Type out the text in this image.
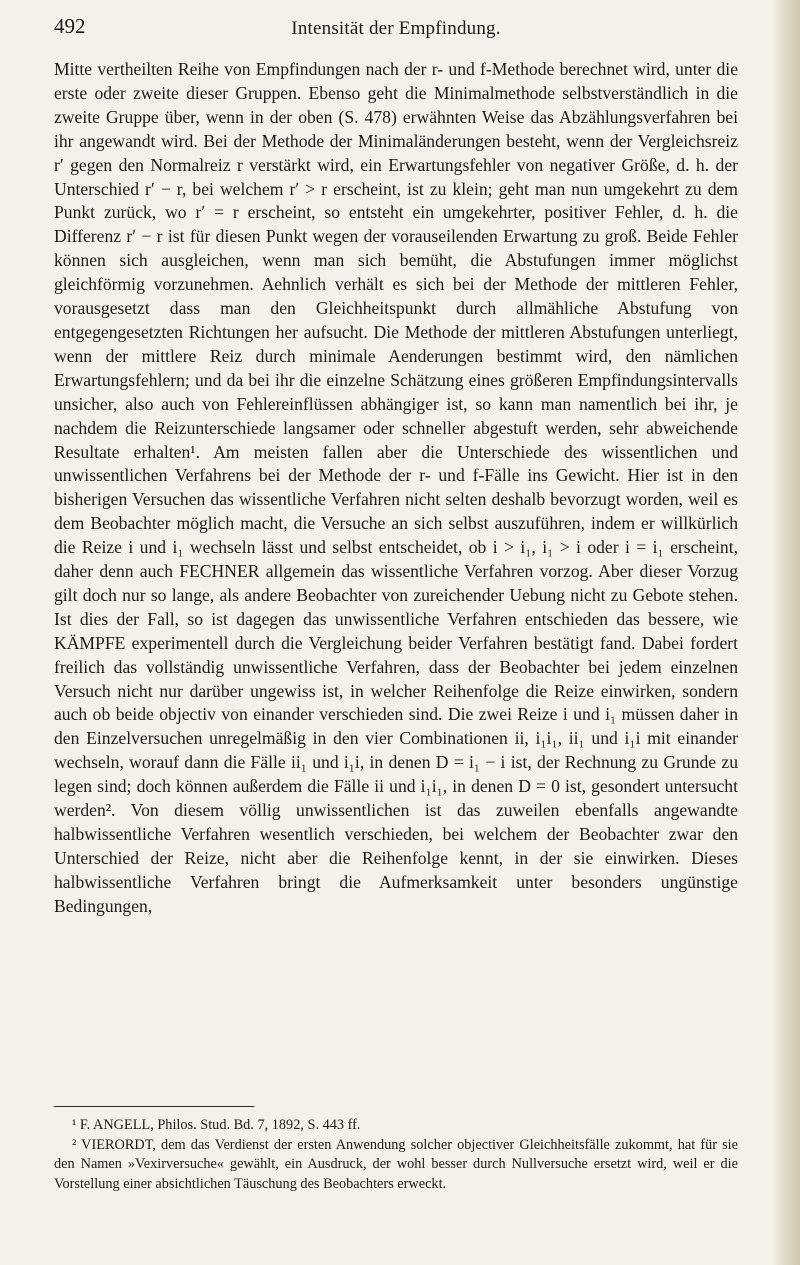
492	Intensität der Empfindung.

Mitte vertheilten Reihe von Empfindungen nach der r- und f-Methode berechnet wird, unter die erste oder zweite dieser Gruppen. Ebenso geht die Minimalmethode selbstverständlich in die zweite Gruppe über, wenn in der oben (S. 478) erwähnten Weise das Abzählungsverfahren bei ihr angewandt wird. Bei der Methode der Minimaländerungen besteht, wenn der Vergleichsreiz r′ gegen den Normalreiz r verstärkt wird, ein Erwartungsfehler von negativer Größe, d. h. der Unterschied r′ − r, bei welchem r′ > r erscheint, ist zu klein; geht man nun umgekehrt zu dem Punkt zurück, wo r′ = r erscheint, so entsteht ein umgekehrter, positiver Fehler, d. h. die Differenz r′ − r ist für diesen Punkt wegen der vorauseilenden Erwartung zu groß. Beide Fehler können sich ausgleichen, wenn man sich bemüht, die Abstufungen immer möglichst gleichförmig vorzunehmen. Aehnlich verhält es sich bei der Methode der mittleren Fehler, vorausgesetzt dass man den Gleichheitspunkt durch allmähliche Abstufung von entgegengesetzten Richtungen her aufsucht. Die Methode der mittleren Abstufungen unterliegt, wenn der mittlere Reiz durch minimale Aenderungen bestimmt wird, den nämlichen Erwartungsfehlern; und da bei ihr die einzelne Schätzung eines größeren Empfindungsintervalls unsicher, also auch von Fehlereinflüssen abhängiger ist, so kann man namentlich bei ihr, je nachdem die Reizunterschiede langsamer oder schneller abgestuft werden, sehr abweichende Resultate erhalten¹. Am meisten fallen aber die Unterschiede des wissentlichen und unwissentlichen Verfahrens bei der Methode der r- und f-Fälle ins Gewicht. Hier ist in den bisherigen Versuchen das wissentliche Verfahren nicht selten deshalb bevorzugt worden, weil es dem Beobachter möglich macht, die Versuche an sich selbst auszuführen, indem er willkürlich die Reize i und i₁ wechseln lässt und selbst entscheidet, ob i > i₁, i₁ > i oder i = i₁ erscheint, daher denn auch FECHNER allgemein das wissentliche Verfahren vorzog. Aber dieser Vorzug gilt doch nur so lange, als andere Beobachter von zureichender Uebung nicht zu Gebote stehen. Ist dies der Fall, so ist dagegen das unwissentliche Verfahren entschieden das bessere, wie KÄMPFE experimentell durch die Vergleichung beider Verfahren bestätigt fand. Dabei fordert freilich das vollständig unwissentliche Verfahren, dass der Beobachter bei jedem einzelnen Versuch nicht nur darüber ungewiss ist, in welcher Reihenfolge die Reize einwirken, sondern auch ob beide objectiv von einander verschieden sind. Die zwei Reize i und i₁ müssen daher in den Einzelversuchen unregelmäßig in den vier Combinationen ii, i₁i₁, ii₁ und i₁i mit einander wechseln, worauf dann die Fälle ii₁ und i₁i, in denen D = i₁ − i ist, der Rechnung zu Grunde zu legen sind; doch können außerdem die Fälle ii und i₁i₁, in denen D = 0 ist, gesondert untersucht werden². Von diesem völlig unwissentlichen ist das zuweilen ebenfalls angewandte halbwissentliche Verfahren wesentlich verschieden, bei welchem der Beobachter zwar den Unterschied der Reize, nicht aber die Reihenfolge kennt, in der sie einwirken. Dieses halbwissentliche Verfahren bringt die Aufmerksamkeit unter besonders ungünstige Bedingungen,

¹ F. ANGELL, Philos. Stud. Bd. 7, 1892, S. 443 ff.

² VIERORDT, dem das Verdienst der ersten Anwendung solcher objectiver Gleichheitsfälle zukommt, hat für sie den Namen »Vexirversuche« gewählt, ein Ausdruck, der wohl besser durch Nullversuche ersetzt wird, weil er die Vorstellung einer absichtlichen Täuschung des Beobachters erweckt.
